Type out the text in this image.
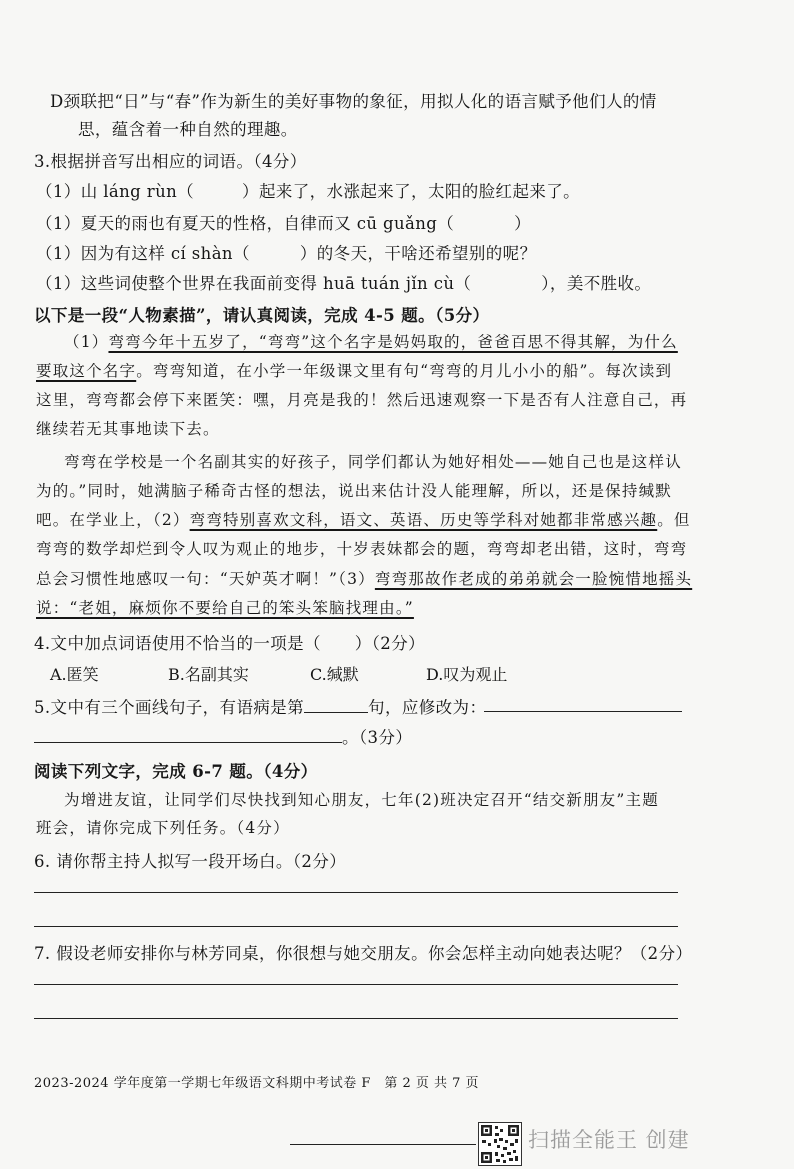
D颈联把“日”与“春”作为新生的美好事物的象征，用拟人化的语言赋予他们人的情
思，蕴含着一种自然的理趣。
3.根据拼音写出相应的词语。（4分）
（1）山 láng rùn（	）起来了，水涨起来了，太阳的脸红起来了。
（1）夏天的雨也有夏天的性格，自律而又 cū guǎng（	）
（1）因为有这样 cí shàn（	）的冬天，干啥还希望别的呢？
（1）这些词使整个世界在我面前变得 huā tuán jǐn cù（	），美不胜收。
以下是一段“人物素描”，请认真阅读，完成 4-5 题。（5分）
（1）弯弯今年十五岁了，“弯弯”这个名字是妈妈取的，爸爸百思不得其解，为什么
要取这个名字。弯弯知道，在小学一年级课文里有句“弯弯的月儿小小的船”。每次读到
这里，弯弯都会停下来匿笑：嘿，月亮是我的！然后迅速观察一下是否有人注意自己，再
继续若无其事地读下去。
弯弯在学校是一个名副其实的好孩子，同学们都认为她好相处——她自己也是这样认
为的。”同时，她满脑子稀奇古怪的想法，说出来估计没人能理解，所以，还是保持缄默
吧。在学业上，（2）弯弯特别喜欢文科，语文、英语、历史等学科对她都非常感兴趣。但
弯弯的数学却烂到令人叹为观止的地步，十岁表妹都会的题，弯弯却老出错，这时，弯弯
总会习惯性地感叹一句：“天妒英才啊！”（3）弯弯那故作老成的弟弟就会一脸惋惜地摇头
说：“老姐，麻烦你不要给自己的笨头笨脑找理由。”
4.文中加点词语使用不恰当的一项是（　　）（2分）
A.匿笑	B.名副其实	C.缄默	D.叹为观止
5.文中有三个画线句子，有语病是第	句，应修改为：
。（3分）
阅读下列文字，完成 6-7 题。（4分）
为增进友谊，让同学们尽快找到知心朋友，七年(2)班决定召开“结交新朋友”主题
班会，请你完成下列任务。（4分）
6. 请你帮主持人拟写一段开场白。（2分）
7. 假设老师安排你与林芳同桌，你很想与她交朋友。你会怎样主动向她表达呢？（2分）
2023-2024 学年度第一学期七年级语文科期中考试卷 F　第 2 页 共 7 页
扫描全能王 创建
